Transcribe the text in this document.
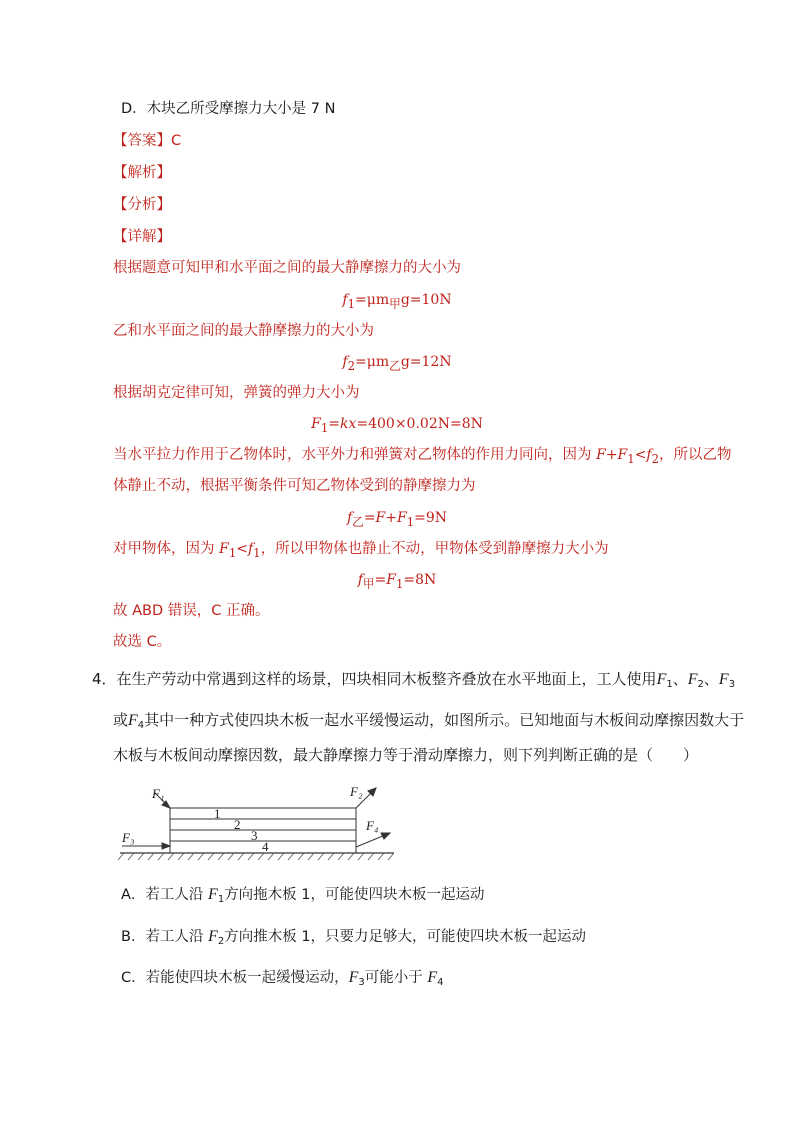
D．木块乙所受摩擦力大小是 7 N
【答案】C
【解析】
【分析】
【详解】
根据题意可知甲和水平面之间的最大静摩擦力的大小为
$f_1=\mu m_甲g=10N$
乙和水平面之间的最大静摩擦力的大小为
$f_2=\mu m_乙g=12N$
根据胡克定律可知，弹簧的弹力大小为
$F_1=kx=400\times 0.02N=8N$
当水平拉力作用于乙物体时，水平外力和弹簧对乙物体的作用力同向，因为 $F+F_1<f_2$，所以乙物
体静止不动，根据平衡条件可知乙物体受到的静摩擦力为
$f_乙=F+F_1=9N$
对甲物体，因为 $F_1<f_1$，所以甲物体也静止不动，甲物体受到静摩擦力大小为
$f_甲=F_1=8N$
故 ABD 错误，C 正确。
故选 C。
4．在生产劳动中常遇到这样的场景，四块相同木板整齐叠放在水平地面上，工人使用$F_1$、$F_2$、$F_3$
或$F_4$其中一种方式使四块木板一起水平缓慢运动，如图所示。已知地面与木板间动摩擦因数大于
木板与木板间动摩擦因数，最大静摩擦力等于滑动摩擦力，则下列判断正确的是（　　）
F₁	F₂
F₃
F₄
1
2
3
4
A．若工人沿 $F_1$方向拖木板 1，可能使四块木板一起运动
B．若工人沿 $F_2$方向推木板 1，只要力足够大，可能使四块木板一起运动
C．若能使四块木板一起缓慢运动，$F_3$可能小于 $F_4$
